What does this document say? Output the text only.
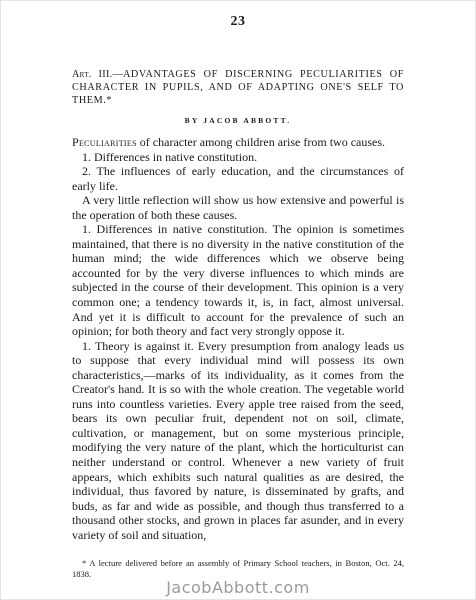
23
Art. III.—ADVANTAGES OF DISCERNING PECULIARITIES OF CHARACTER IN PUPILS, AND OF ADAPTING ONE'S SELF TO THEM.*
BY JACOB ABBOTT.

Peculiarities of character among children arise from two causes.

1. Differences in native constitution.

2. The influences of early education, and the circumstances of early life.

A very little reflection will show us how extensive and powerful is the operation of both these causes.

1. Differences in native constitution. The opinion is sometimes maintained, that there is no diversity in the native constitution of the human mind; the wide differences which we observe being accounted for by the very diverse influences to which minds are subjected in the course of their development. This opinion is a very common one; a tendency towards it, is, in fact, almost universal. And yet it is difficult to account for the prevalence of such an opinion; for both theory and fact very strongly oppose it.

1. Theory is against it. Every presumption from analogy leads us to suppose that every individual mind will possess its own characteristics,—marks of its individuality, as it comes from the Creator's hand. It is so with the whole creation. The vegetable world runs into countless varieties. Every apple tree raised from the seed, bears its own peculiar fruit, dependent not on soil, climate, cultivation, or management, but on some mysterious principle, modifying the very nature of the plant, which the horticulturist can neither understand or control. Whenever a new variety of fruit appears, which exhibits such natural qualities as are desired, the individual, thus favored by nature, is disseminated by grafts, and buds, as far and wide as possible, and though thus transferred to a thousand other stocks, and grown in places far asunder, and in every variety of soil and situation,

* A lecture delivered before an assembly of Primary School teachers, in Boston, Oct. 24, 1838.
JacobAbbott.com
